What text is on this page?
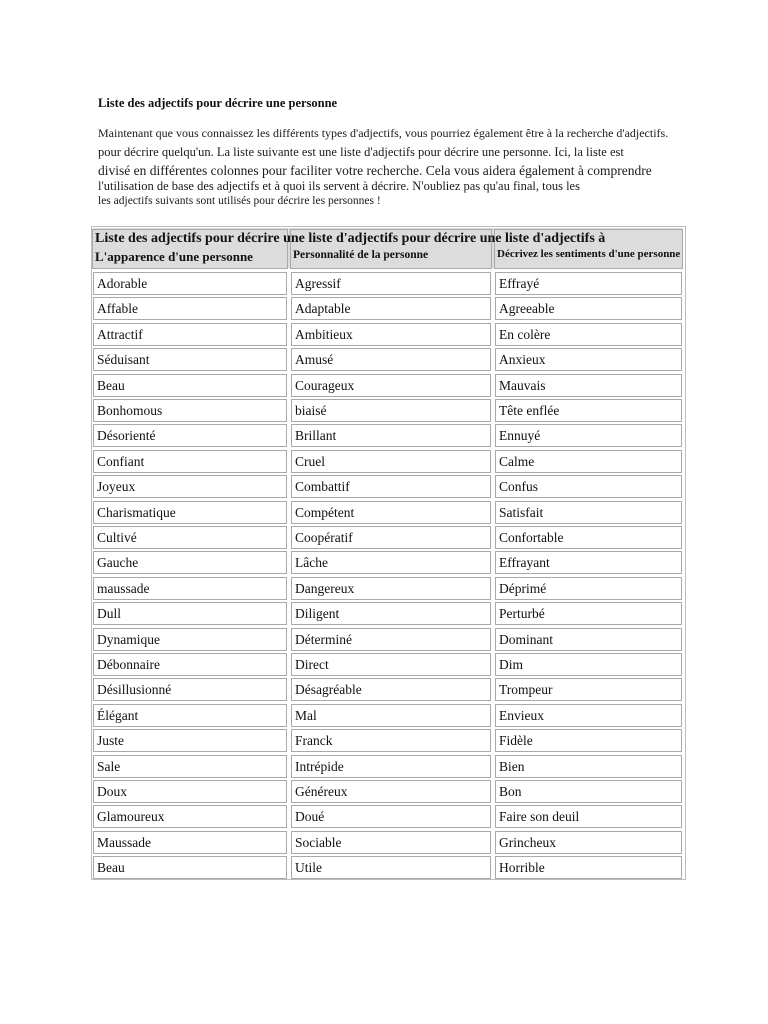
Liste des adjectifs pour décrire une personne
Maintenant que vous connaissez les différents types d'adjectifs, vous pourriez également être à la recherche d'adjectifs.
pour décrire quelqu'un. La liste suivante est une liste d'adjectifs pour décrire une personne. Ici, la liste est
divisé en différentes colonnes pour faciliter votre recherche. Cela vous aidera également à comprendre
l'utilisation de base des adjectifs et à quoi ils servent à décrire. N'oubliez pas qu'au final, tous les
les adjectifs suivants sont utilisés pour décrire les personnes !
Liste des adjectifs pour décrire une liste d'adjectifs pour décrire une liste d'adjectifs à
L'apparence d'une personne	Personnalité de la personne	Décrivez les sentiments d'une personne
Adorable	Agressif	Effrayé
Affable	Adaptable	Agreeable
Attractif	Ambitieux	En colère
Séduisant	Amusé	Anxieux
Beau	Courageux	Mauvais
Bonhomous	biaisé	Tête enflée
Désorienté	Brillant	Ennuyé
Confiant	Cruel	Calme
Joyeux	Combattif	Confus
Charismatique	Compétent	Satisfait
Cultivé	Coopératif	Confortable
Gauche	Lâche	Effrayant
maussade	Dangereux	Déprimé
Dull	Diligent	Perturbé
Dynamique	Déterminé	Dominant
Débonnaire	Direct	Dim
Désillusionné	Désagréable	Trompeur
Élégant	Mal	Envieux
Juste	Franck	Fidèle
Sale	Intrépide	Bien
Doux	Généreux	Bon
Glamoureux	Doué	Faire son deuil
Maussade	Sociable	Grincheux
Beau	Utile	Horrible
